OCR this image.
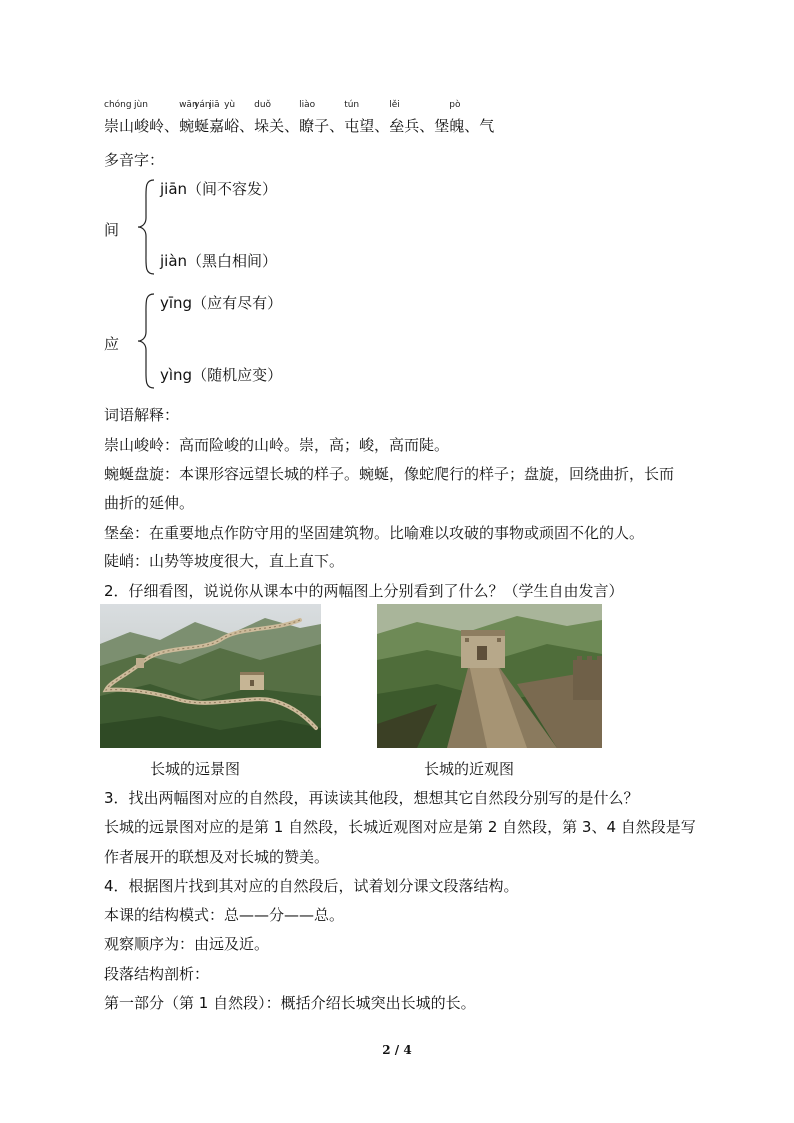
chóng
崇
山
jùn
峻
岭、
wān
蜿
yán
蜒
jiā
嘉
yù
峪、
duǒ
垛
关、
liào
瞭
子、
tún
屯
望、
lěi
垒
兵、
堡
pò
魄
、气
多音字：
间
jiān（间不容发）
jiàn（黑白相间）
应
yīng（应有尽有）
yìng（随机应变）
词语解释：
崇山峻岭：高而险峻的山岭。崇，高；峻，高而陡。
蜿蜒盘旋：本课形容远望长城的样子。蜿蜒，像蛇爬行的样子；盘旋，回绕曲折，长而
曲折的延伸。
堡垒：在重要地点作防守用的坚固建筑物。比喻难以攻破的事物或顽固不化的人。
陡峭：山势等坡度很大，直上直下。
2．仔细看图，说说你从课本中的两幅图上分别看到了什么？（学生自由发言）
长城的远景图	长城的近观图
3．找出两幅图对应的自然段，再读读其他段，想想其它自然段分别写的是什么？
长城的远景图对应的是第 1 自然段，长城近观图对应是第 2 自然段，第 3、4 自然段是写
作者展开的联想及对长城的赞美。
4．根据图片找到其对应的自然段后，试着划分课文段落结构。
本课的结构模式：总——分——总。
观察顺序为：由远及近。
段落结构剖析：
第一部分（第 1 自然段）：概括介绍长城突出长城的长。
2 / 4
